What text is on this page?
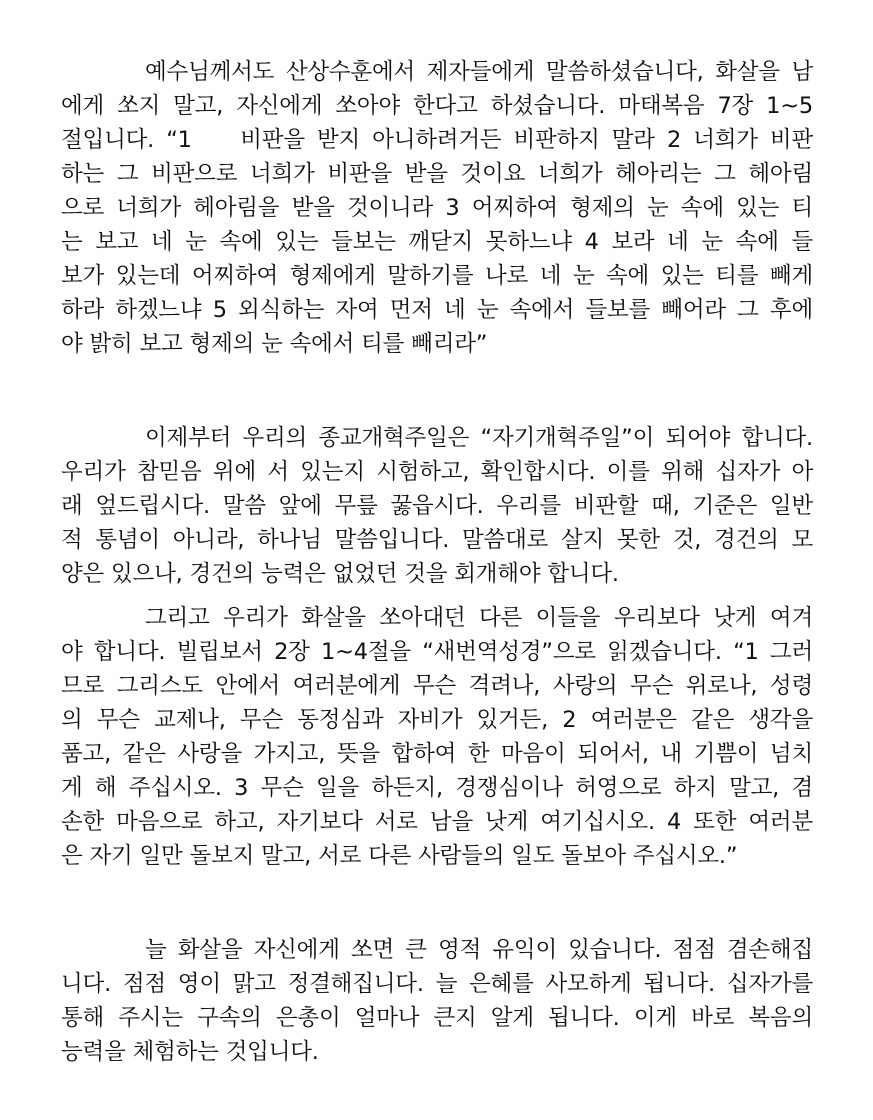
예수님께서도 산상수훈에서 제자들에게 말씀하셨습니다, 화살을 남
에게 쏘지 말고, 자신에게 쏘아야 한다고 하셨습니다. 마태복음 7장 1~5
절입니다. “1    비판을 받지 아니하려거든 비판하지 말라 2 너희가 비판
하는 그 비판으로 너희가 비판을 받을 것이요 너희가 헤아리는 그 헤아림
으로 너희가 헤아림을 받을 것이니라 3 어찌하여 형제의 눈 속에 있는 티
는 보고 네 눈 속에 있는 들보는 깨닫지 못하느냐 4 보라 네 눈 속에 들
보가 있는데 어찌하여 형제에게 말하기를 나로 네 눈 속에 있는 티를 빼게
하라 하겠느냐 5 외식하는 자여 먼저 네 눈 속에서 들보를 빼어라 그 후에
야 밝히 보고 형제의 눈 속에서 티를 빼리라”
이제부터 우리의 종교개혁주일은 “자기개혁주일”이 되어야 합니다.
우리가 참믿음 위에 서 있는지 시험하고, 확인합시다. 이를 위해 십자가 아
래 엎드립시다. 말씀 앞에 무릎 꿇읍시다. 우리를 비판할 때, 기준은 일반
적 통념이 아니라, 하나님 말씀입니다. 말씀대로 살지 못한 것, 경건의 모
양은 있으나, 경건의 능력은 없었던 것을 회개해야 합니다.
그리고 우리가 화살을 쏘아대던 다른 이들을 우리보다 낫게 여겨
야 합니다. 빌립보서 2장 1~4절을 “새번역성경”으로 읽겠습니다. “1 그러
므로 그리스도 안에서 여러분에게 무슨 격려나, 사랑의 무슨 위로나, 성령
의 무슨 교제나, 무슨 동정심과 자비가 있거든, 2 여러분은 같은 생각을
품고, 같은 사랑을 가지고, 뜻을 합하여 한 마음이 되어서, 내 기쁨이 넘치
게 해 주십시오. 3 무슨 일을 하든지, 경쟁심이나 허영으로 하지 말고, 겸
손한 마음으로 하고, 자기보다 서로 남을 낫게 여기십시오. 4 또한 여러분
은 자기 일만 돌보지 말고, 서로 다른 사람들의 일도 돌보아 주십시오.”
늘 화살을 자신에게 쏘면 큰 영적 유익이 있습니다. 점점 겸손해집
니다. 점점 영이 맑고 정결해집니다. 늘 은혜를 사모하게 됩니다. 십자가를
통해 주시는 구속의 은총이 얼마나 큰지 알게 됩니다. 이게 바로 복음의
능력을 체험하는 것입니다.
